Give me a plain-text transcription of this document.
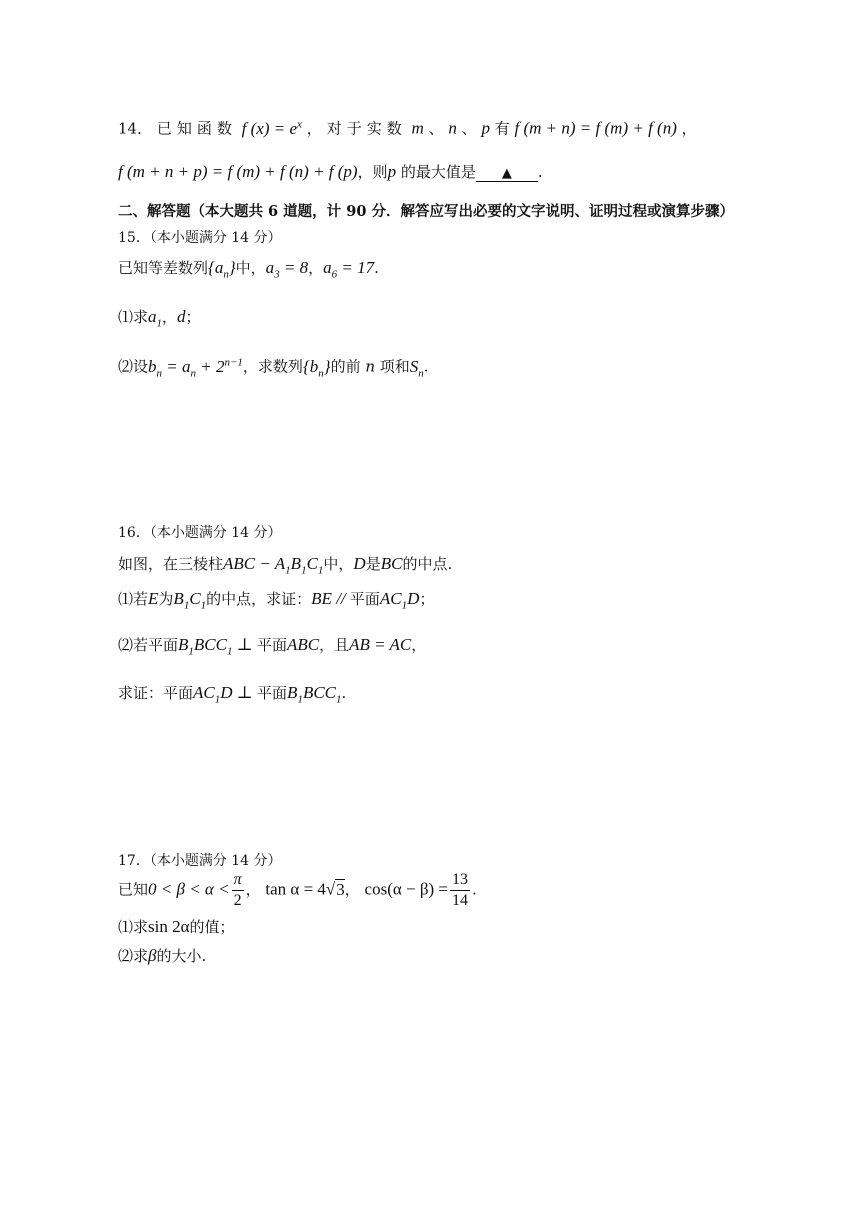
14． 已知函数 f $(x) = e^x$ ，对于实数 m 、 n 、 p 有 f (m + n) = f (m) + f (n) ，
f (m + n + p) = f (m) + f (n) + f (p)，则p 的最大值是 ▲ .
二、解答题（本大题共 6 道题，计 90 分．解答应写出必要的文字说明、证明过程或演算步骤）
15．（本小题满分 14 分）
已知等差数列$\{a_n\}$中，$a_3 = 8$，$a_6 = 17$.
⑴求$a_1$，d；
⑵设$b_n = a_n + 2^{n-1}$，求数列$\{b_n\}$的前 n 项和$S_n$.
16．（本小题满分 14 分）
如图，在三棱柱ABC − $A_1B_1C_1$中，D是BC的中点.
⑴若E为$B_1C_1$的中点，求证：BE // 平面$AC_1D$；
⑵若平面$B_1BCC_1$ ⊥ 平面ABC，且AB = AC，
求证：平面$AC_1D$ ⊥ 平面$B_1BCC_1$.
17．（本小题满分 14 分）
已知$0 < \beta < \alpha < \frac{\pi}{2}$ ， tan α = 4√3， $\cos(\alpha - \beta) = \frac{13}{14}$ .
⑴求sin 2α的值；
⑵求β的大小.
